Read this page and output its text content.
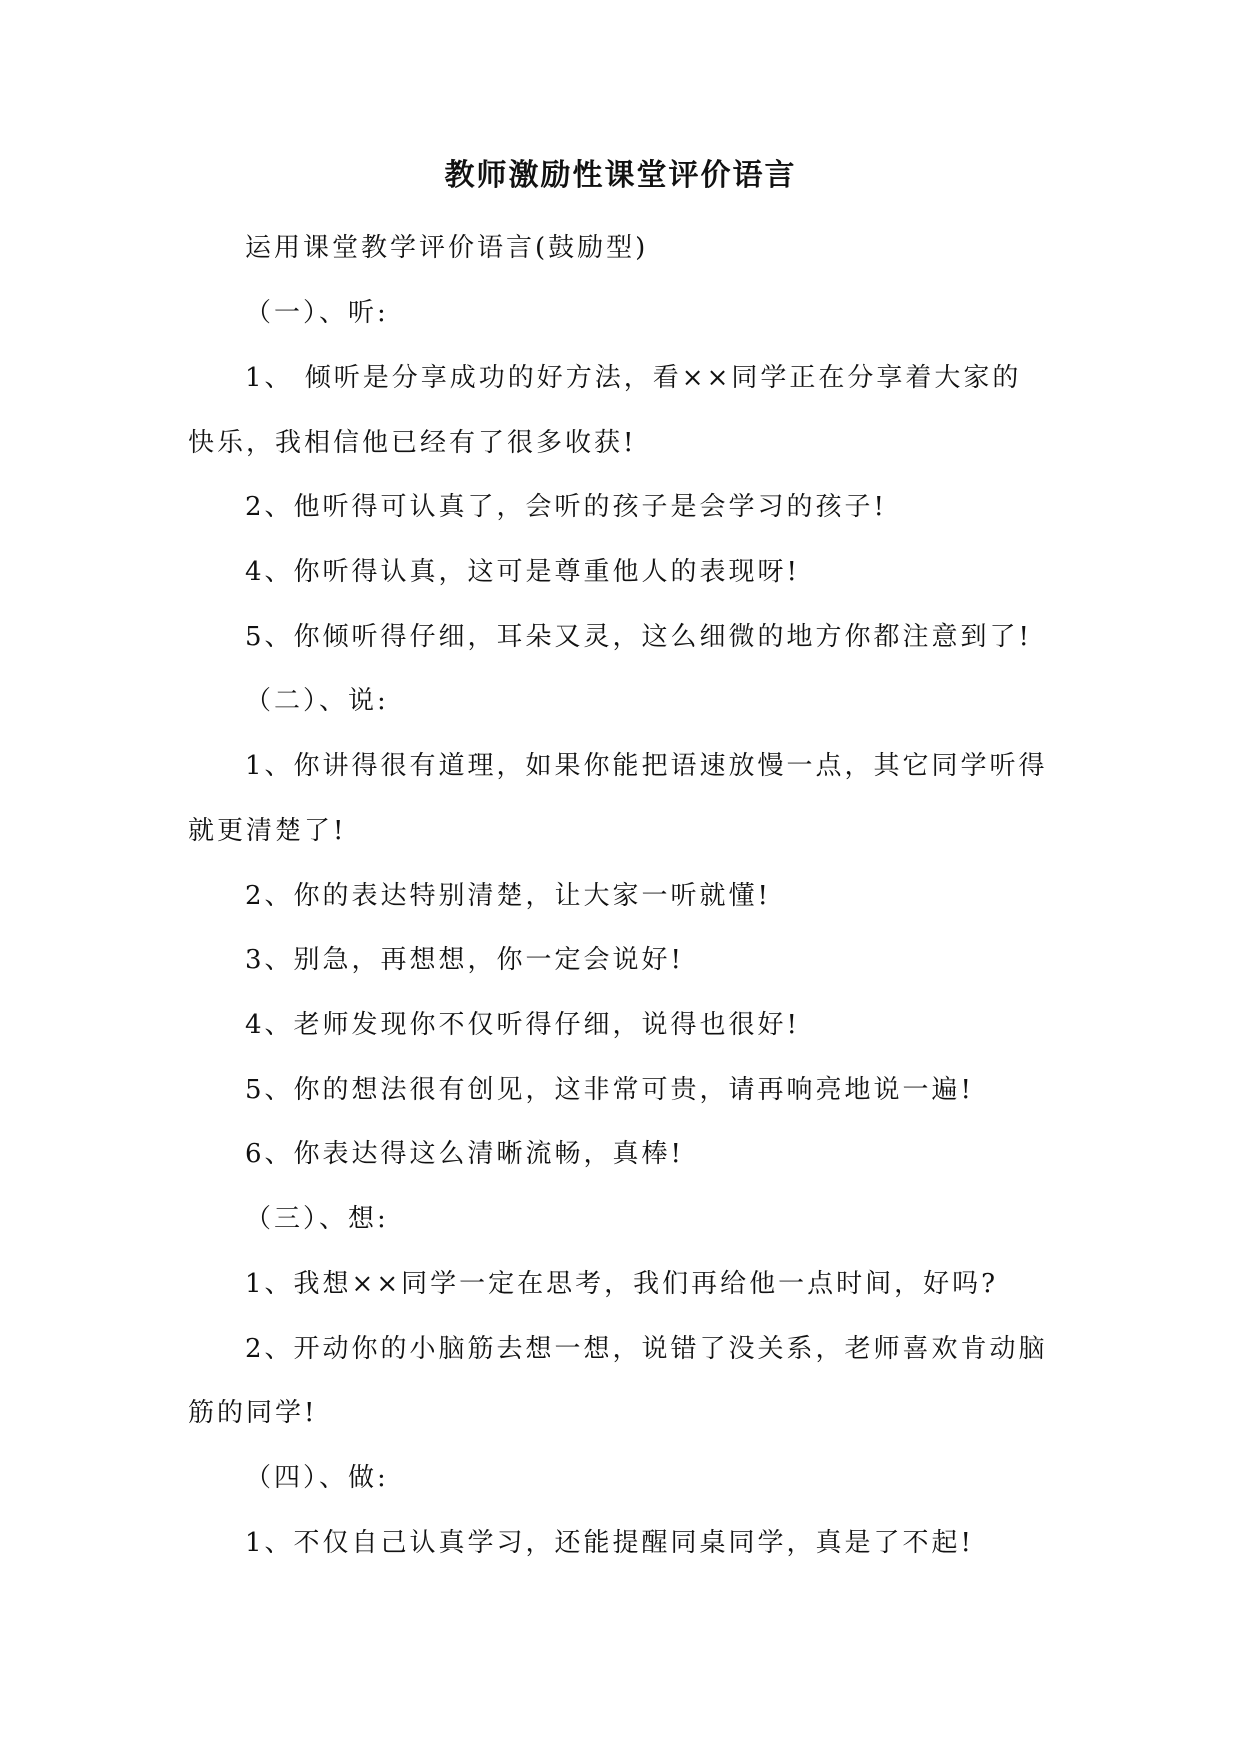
教师激励性课堂评价语言
运用课堂教学评价语言(鼓励型)
（一）、听:
1、 倾听是分享成功的好方法，看××同学正在分享着大家的
快乐，我相信他已经有了很多收获!
2、他听得可认真了，会听的孩子是会学习的孩子!
4、你听得认真，这可是尊重他人的表现呀!
5、你倾听得仔细，耳朵又灵，这么细微的地方你都注意到了!
（二）、说:
1、你讲得很有道理，如果你能把语速放慢一点，其它同学听得
就更清楚了!
2、你的表达特别清楚，让大家一听就懂!
3、别急，再想想，你一定会说好!
4、老师发现你不仅听得仔细，说得也很好!
5、你的想法很有创见，这非常可贵，请再响亮地说一遍!
6、你表达得这么清晰流畅，真棒!
（三）、想:
1、我想××同学一定在思考，我们再给他一点时间，好吗?
2、开动你的小脑筋去想一想，说错了没关系，老师喜欢肯动脑
筋的同学!
（四）、做:
1、不仅自己认真学习，还能提醒同桌同学，真是了不起!
